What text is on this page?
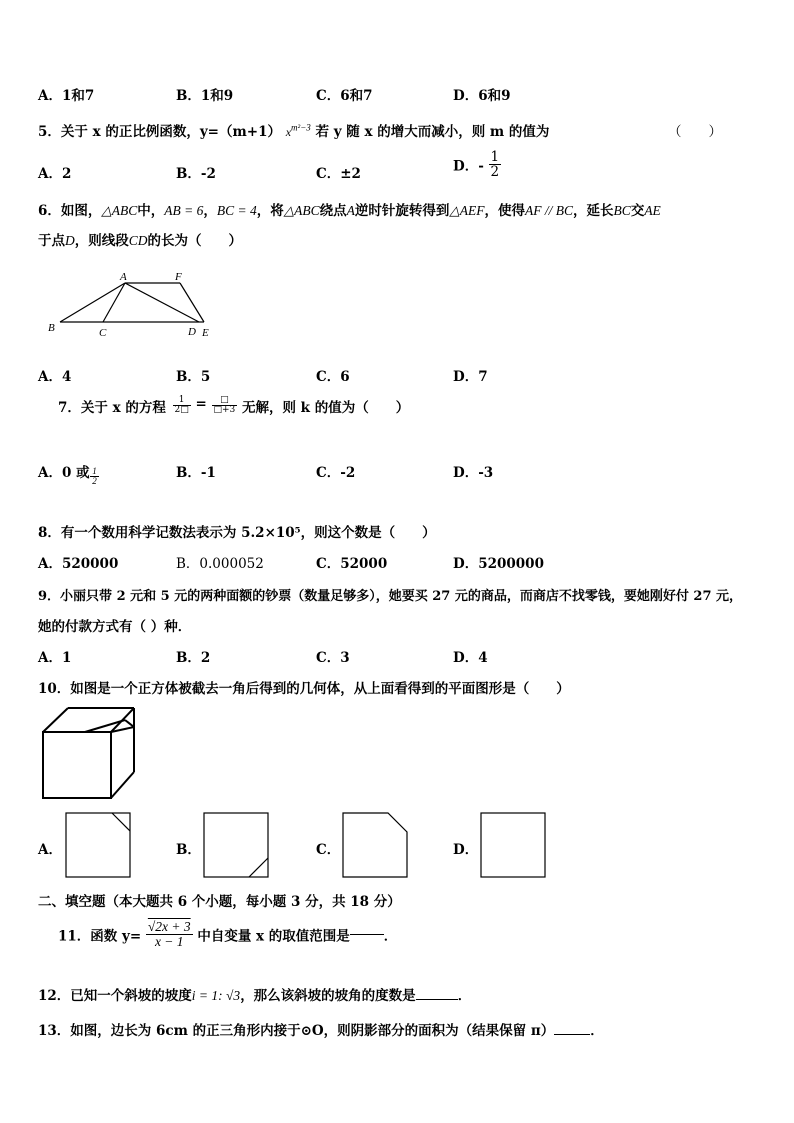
A．1和7	B．1和9	C．6和7	D．6和9
5．关于 x 的正比例函数，y=（m+1） $x^{m^2-3}$ 若 y 随 x 的增大而减小，则 m 的值为	（　　）
A．2	B．-2	C．±2	D．- $\frac{1}{2}$
6．如图，△ABC中，AB = 6，BC = 4，将△ABC绕点A逆时针旋转得到△AEF，使得AF // BC，延长BC交AE
于点D，则线段CD的长为（　　）
A	F
B	C	D E
A．4	B．5	C．6	D．7
7．关于 x 的方程 $\frac{1}{2□} = \frac{□}{□+3}$ 无解，则 k 的值为（　　）
A．0 或 $\frac{1}{2}$	B．-1	C．-2	D．-3
8．有一个数用科学记数法表示为 5.2×10⁵，则这个数是（　　）
A．520000	B．0.000052	C．52000	D．5200000
9．小丽只带 2 元和 5 元的两种面额的钞票（数量足够多），她要买 27 元的商品，而商店不找零钱，要她刚好付 27 元，
她的付款方式有（ ）种．
A．1	B．2	C．3	D．4
10．如图是一个正方体被截去一角后得到的几何体，从上面看得到的平面图形是（　　）
A．	B．	C．	D．
二、填空题（本大题共 6 个小题，每小题 3 分，共 18 分）
11．函数 $y= \frac{√2x + 3}{x - 1}$ 中自变量 x 的取值范围是	．
12．已知一个斜坡的坡度i = 1: √3，那么该斜坡的坡角的度数是	．
13．如图，边长为 6cm 的正三角形内接于⊙O，则阴影部分的面积为（结果保留 π）	．
